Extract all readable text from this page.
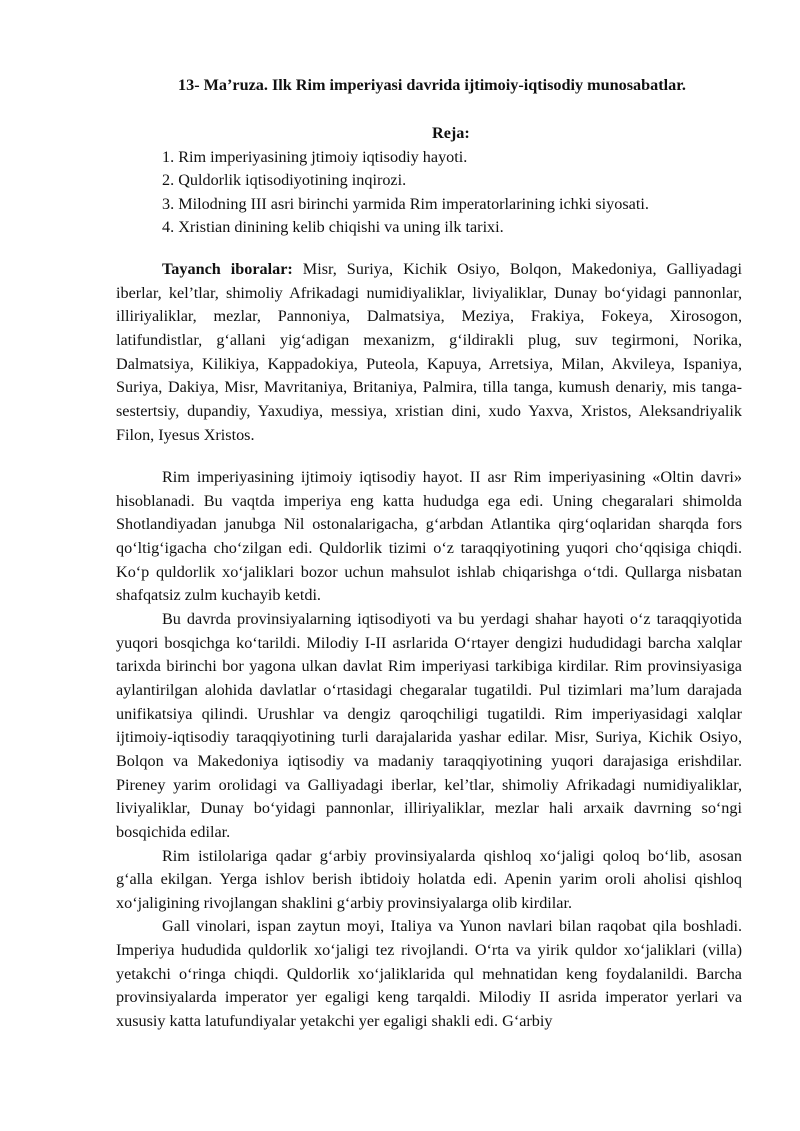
13- Ma’ruza. Ilk Rim imperiyasi davrida ijtimoiy-iqtisodiy munosabatlar.
Reja:
1. Rim imperiyasining jtimoiy iqtisodiy hayoti.
2. Quldorlik iqtisodiyotining inqirozi.
3. Milodning III asri birinchi yarmida Rim imperatorlarining ichki siyosati.
4. Xristian dinining kelib chiqishi va uning ilk tarixi.

Tayanch iboralar: Misr, Suriya, Kichik Osiyo, Bolqon, Makedoniya, Galliyadagi iberlar, kel’tlar, shimoliy Afrikadagi numidiyaliklar, liviyaliklar, Dunay bo‘yidagi pannonlar, illiriyaliklar, mezlar, Pannoniya, Dalmatsiya, Meziya, Frakiya, Fokeya, Xirosogon, latifundistlar, g‘allani yig‘adigan mexanizm, g‘ildirakli plug, suv tegirmoni, Norika, Dalmatsiya, Kilikiya, Kappadokiya, Puteola, Kapuya, Arretsiya, Milan, Akvileya, Ispaniya, Suriya, Dakiya, Misr, Mavritaniya, Britaniya, Palmira, tilla tanga, kumush denariy, mis tanga- sestertsiy, dupandiy, Yaxudiya, messiya, xristian dini, xudo Yaxva, Xristos, Aleksandriyalik Filon, Iyesus Xristos.

Rim imperiyasining ijtimoiy iqtisodiy hayot. II asr Rim imperiyasining «Oltin davri» hisoblanadi. Bu vaqtda imperiya eng katta hududga ega edi. Uning chegaralari shimolda Shotlandiyadan janubga Nil ostonalarigacha, g‘arbdan Atlantika qirg‘oqlaridan sharqda fors qo‘ltig‘igacha cho‘zilgan edi. Quldorlik tizimi o‘z taraqqiyotining yuqori cho‘qqisiga chiqdi. Ko‘p quldorlik xo‘jaliklari bozor uchun mahsulot ishlab chiqarishga o‘tdi. Qullarga nisbatan shafqatsiz zulm kuchayib ketdi.

Bu davrda provinsiyalarning iqtisodiyoti va bu yerdagi shahar hayoti o‘z taraqqiyotida yuqori bosqichga ko‘tarildi. Milodiy I-II asrlarida O‘rtayer dengizi hududidagi barcha xalqlar tarixda birinchi bor yagona ulkan davlat Rim imperiyasi tarkibiga kirdilar. Rim provinsiyasiga aylantirilgan alohida davlatlar o‘rtasidagi chegaralar tugatildi. Pul tizimlari ma’lum darajada unifikatsiya qilindi. Urushlar va dengiz qaroqchiligi tugatildi. Rim imperiyasidagi xalqlar ijtimoiy-iqtisodiy taraqqiyotining turli darajalarida yashar edilar. Misr, Suriya, Kichik Osiyo, Bolqon va Makedoniya iqtisodiy va madaniy taraqqiyotining yuqori darajasiga erishdilar. Pireney yarim orolidagi va Galliyadagi iberlar, kel’tlar, shimoliy Afrikadagi numidiyaliklar, liviyaliklar, Dunay bo‘yidagi pannonlar, illiriyaliklar, mezlar hali arxaik davrning so‘ngi bosqichida edilar.

Rim istilolariga qadar g‘arbiy provinsiyalarda qishloq xo‘jaligi qoloq bo‘lib, asosan g‘alla ekilgan. Yerga ishlov berish ibtidoiy holatda edi. Apenin yarim oroli aholisi qishloq xo‘jaligining rivojlangan shaklini g‘arbiy provinsiyalarga olib kirdilar.

Gall vinolari, ispan zaytun moyi, Italiya va Yunon navlari bilan raqobat qila boshladi. Imperiya hududida quldorlik xo‘jaligi tez rivojlandi. O‘rta va yirik quldor xo‘jaliklari (villa) yetakchi o‘ringa chiqdi. Quldorlik xo‘jaliklarida qul mehnatidan keng foydalanildi. Barcha provinsiyalarda imperator yer egaligi keng tarqaldi. Milodiy II asrida imperator yerlari va xususiy katta latufundiyalar yetakchi yer egaligi shakli edi. G‘arbiy
